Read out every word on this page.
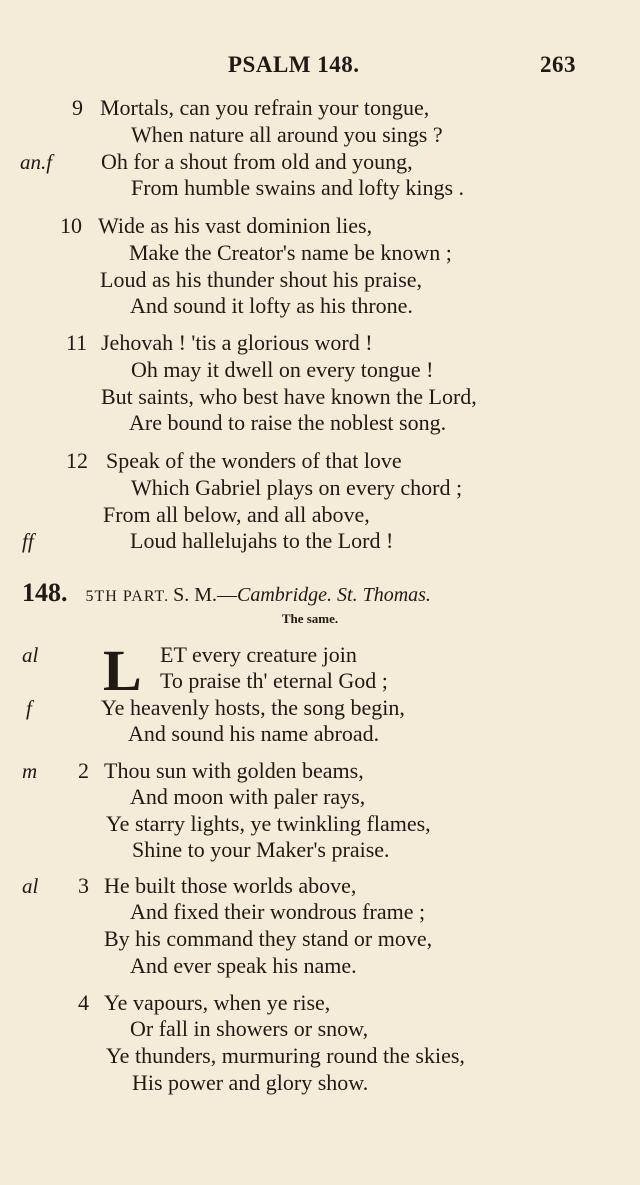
PSALM 148.	263
9 Mortals, can you refrain your tongue,
When nature all around you sings ?
an.f Oh for a shout from old and young,
From humble swains and lofty kings .
10 Wide as his vast dominion lies,
Make the Creator's name be known ;
Loud as his thunder shout his praise,
And sound it lofty as his throne.
11 Jehovah ! 'tis a glorious word !
Oh may it dwell on every tongue !
But saints, who best have known the Lord,
Are bound to raise the noblest song.
12 Speak of the wonders of that love
Which Gabriel plays on every chord ;
From all below, and all above,
ff	Loud hallelujahs to the Lord !
148. 5TH PART. S. M.—Cambridge. St. Thomas.
The same.
al L ET every creature join
To praise th' eternal God ;
f	Ye heavenly hosts, the song begin,
And sound his name abroad.
m 2 Thou sun with golden beams,
And moon with paler rays,
Ye starry lights, ye twinkling flames,
Shine to your Maker's praise.
al 3 He built those worlds above,
And fixed their wondrous frame ;
By his command they stand or move,
And ever speak his name.
4 Ye vapours, when ye rise,
Or fall in showers or snow,
Ye thunders, murmuring round the skies,
His power and glory show.
